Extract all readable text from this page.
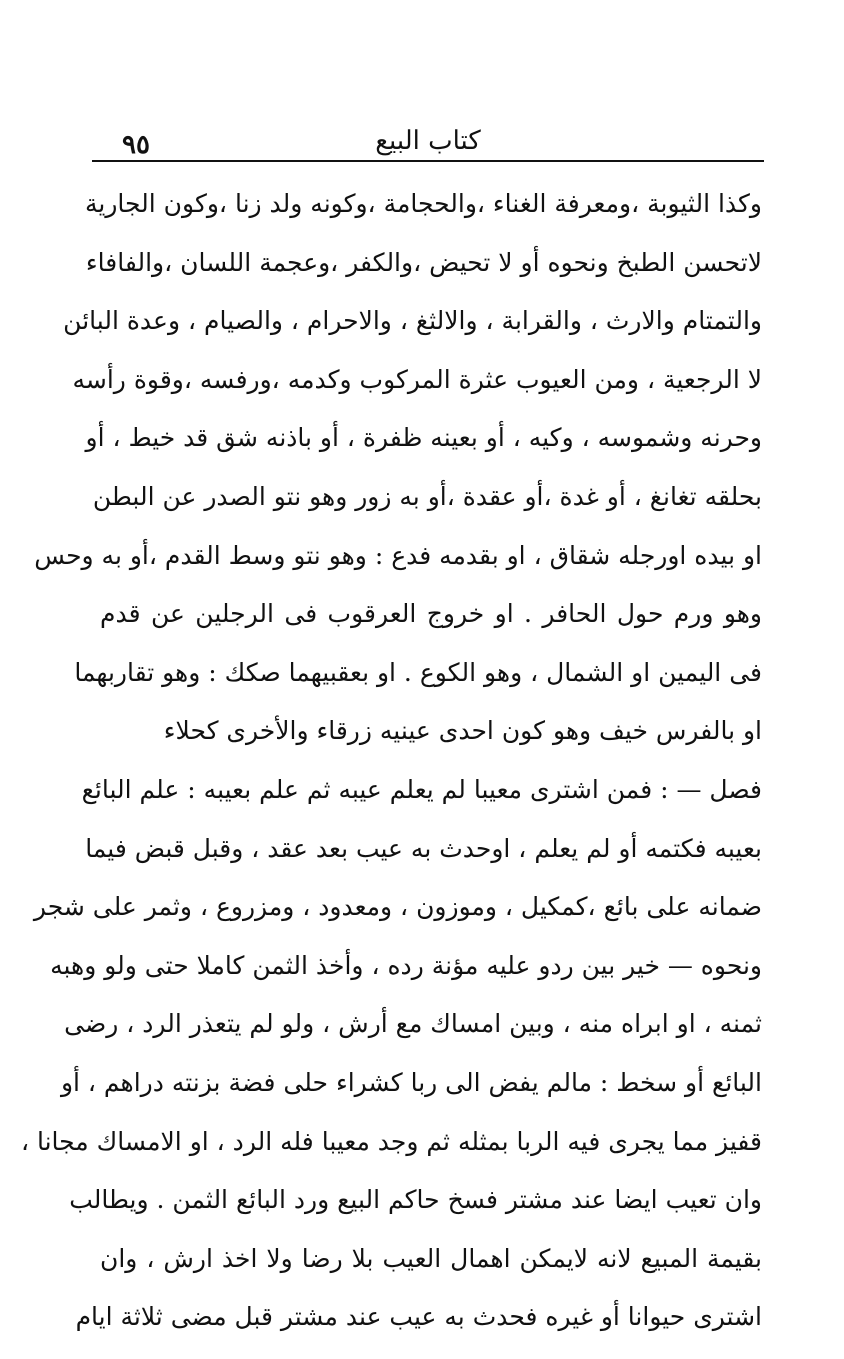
كتاب البيع
٩٥
وكذا الثيوبة ،ومعرفة الغناء ،والحجامة ،وكونه ولد زنا ،وكون الجارية
لاتحسن الطبخ ونحوه أو لا تحيض ،والكفر ،وعجمة اللسان ،والفافاء
والتمتام والارث ، والقرابة ، والالثغ ، والاحرام ، والصيام ، وعدة البائن
لا الرجعية ، ومن العيوب عثرة المركوب وكدمه ،ورفسه ،وقوة رأسه
وحرنه وشموسه ، وكيه ، أو بعينه ظفرة ، أو باذنه شق قد خيط ، أو
بحلقه تغانغ ، أو غدة ،أو عقدة ،أو به زور وهو نتو الصدر عن البطن
او بيده اورجله شقاق ، او بقدمه فدع : وهو نتو وسط القدم ،أو به وحس
وهو ورم حول الحافر . او خروج العرقوب فى الرجلين عن قدم
فى اليمين او الشمال ، وهو الكوع . او بعقبيهما صكك : وهو تقاربهما
او بالفرس خيف وهو كون احدى عينيه زرقاء والأخرى كحلاء
فصل — : فمن اشترى معيبا لم يعلم عيبه ثم علم بعيبه : علم البائع
بعيبه فكتمه أو لم يعلم ، اوحدث به عيب بعد عقد ، وقبل قبض فيما
ضمانه على بائع ،كمكيل ، وموزون ، ومعدود ، ومزروع ، وثمر على شجر
ونحوه — خير بين ردو عليه مؤنة رده ، وأخذ الثمن كاملا حتى ولو وهبه
ثمنه ، او ابراه منه ، وبين امساك مع أرش ، ولو لم يتعذر الرد ، رضى
البائع أو سخط : مالم يفض الى ربا كشراء حلى فضة بزنته دراهم ، أو
قفيز مما يجرى فيه الربا بمثله ثم وجد معيبا فله الرد ، او الامساك مجانا ،
وان تعيب ايضا عند مشتر فسخ حاكم البيع ورد البائع الثمن . ويطالب
بقيمة المبيع لانه لايمكن اهمال العيب بلا رضا ولا اخذ ارش ، وان
اشترى حيوانا أو غيره فحدث به عيب عند مشتر قبل مضى ثلاثة ايام
